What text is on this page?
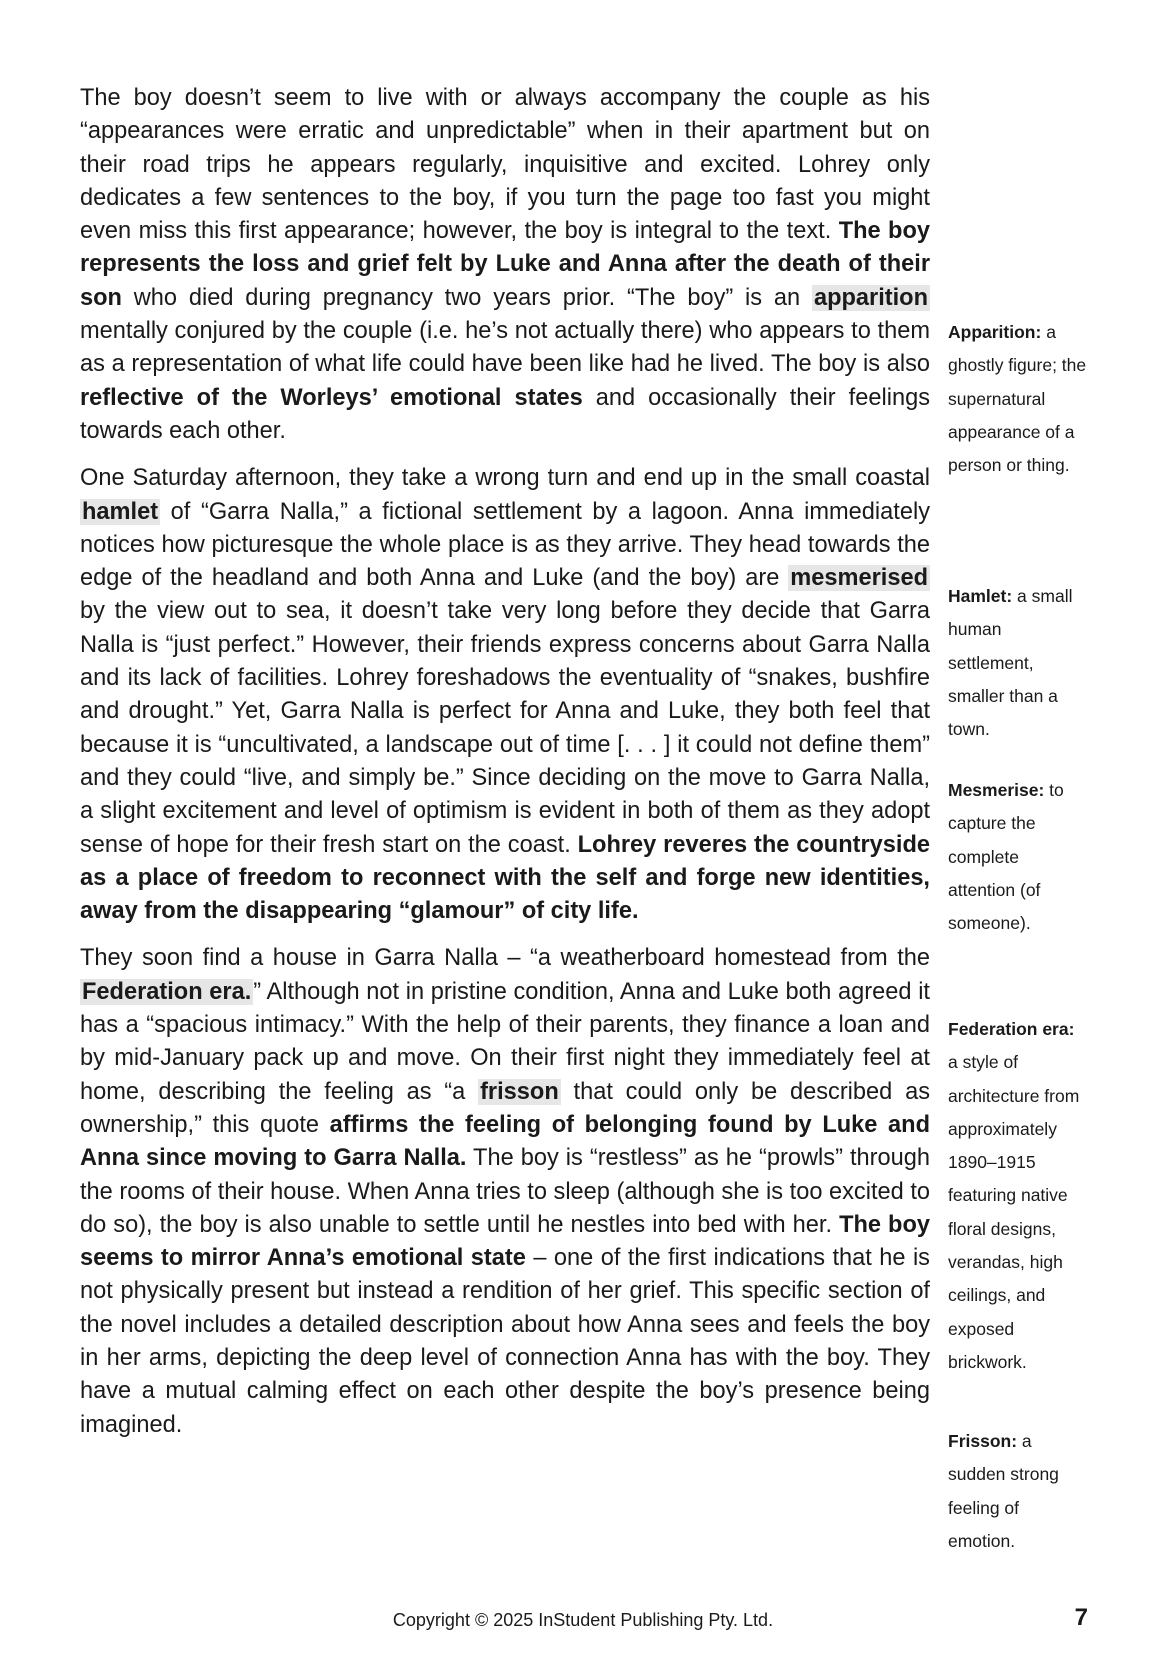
The boy doesn’t seem to live with or always accompany the couple as his “appearances were erratic and unpredictable” when in their apartment but on their road trips he appears regularly, inquisitive and excited. Lohrey only dedicates a few sentences to the boy, if you turn the page too fast you might even miss this first appearance; however, the boy is integral to the text. The boy represents the loss and grief felt by Luke and Anna after the death of their son who died during pregnancy two years prior. “The boy” is an apparition mentally conjured by the couple (i.e. he’s not actually there) who appears to them as a representation of what life could have been like had he lived. The boy is also reflective of the Worleys’ emotional states and occasionally their feelings towards each other.

One Saturday afternoon, they take a wrong turn and end up in the small coastal hamlet of “Garra Nalla,” a fictional settlement by a lagoon. Anna immediately notices how picturesque the whole place is as they arrive. They head towards the edge of the headland and both Anna and Luke (and the boy) are mesmerised by the view out to sea, it doesn’t take very long before they decide that Garra Nalla is “just perfect.” However, their friends express concerns about Garra Nalla and its lack of facilities. Lohrey foreshadows the eventuality of “snakes, bushfire and drought.” Yet, Garra Nalla is perfect for Anna and Luke, they both feel that because it is “uncultivated, a landscape out of time [. . . ] it could not define them” and they could “live, and simply be.” Since deciding on the move to Garra Nalla, a slight excitement and level of optimism is evident in both of them as they adopt sense of hope for their fresh start on the coast. Lohrey reveres the countryside as a place of freedom to reconnect with the self and forge new identities, away from the disappearing “glamour” of city life.

They soon find a house in Garra Nalla – “a weatherboard homestead from the Federation era.” Although not in pristine condition, Anna and Luke both agreed it has a “spacious intimacy.” With the help of their parents, they finance a loan and by mid-January pack up and move. On their first night they immediately feel at home, describing the feeling as “a frisson that could only be described as ownership,” this quote affirms the feeling of belonging found by Luke and Anna since moving to Garra Nalla. The boy is “restless” as he “prowls” through the rooms of their house. When Anna tries to sleep (although she is too excited to do so), the boy is also unable to settle until he nestles into bed with her. The boy seems to mirror Anna’s emotional state – one of the first indications that he is not physically present but instead a rendition of her grief. This specific section of the novel includes a detailed description about how Anna sees and feels the boy in her arms, depicting the deep level of connection Anna has with the boy. They have a mutual calming effect on each other despite the boy’s presence being imagined.

Apparition: a ghostly figure; the supernatural appearance of a person or thing.
Hamlet: a small human settlement, smaller than a town.
Mesmerise: to capture the complete attention (of someone).
Federation era: a style of architecture from approximately 1890–1915 featuring native floral designs, verandas, high ceilings, and exposed brickwork.
Frisson: a sudden strong feeling of emotion.
Copyright © 2025 InStudent Publishing Pty. Ltd.	7
